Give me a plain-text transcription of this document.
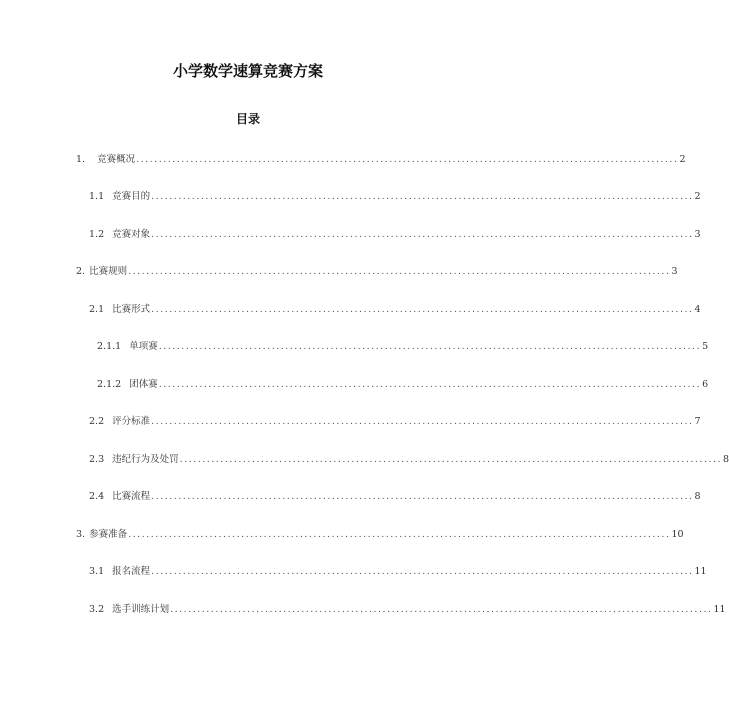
小学数学速算竞赛方案
目录
1. 竞赛概况 ........................................................................................................................ 2
1.1 竞赛目的 ........................................................................................................................ 2
1.2 竞赛对象 ........................................................................................................................ 3
2. 比赛规则 ........................................................................................................................ 3
2.1 比赛形式 ........................................................................................................................ 4
2.1.1 单项赛 ........................................................................................................................ 5
2.1.2 团体赛 ........................................................................................................................ 6
2.2 评分标准 ........................................................................................................................ 7
2.3 违纪行为及处罚 ........................................................................................................................ 8
2.4 比赛流程 ........................................................................................................................ 8
3. 参赛准备 ........................................................................................................................ 10
3.1 报名流程 ........................................................................................................................ 11
3.2 选手训练计划 ........................................................................................................................ 11
